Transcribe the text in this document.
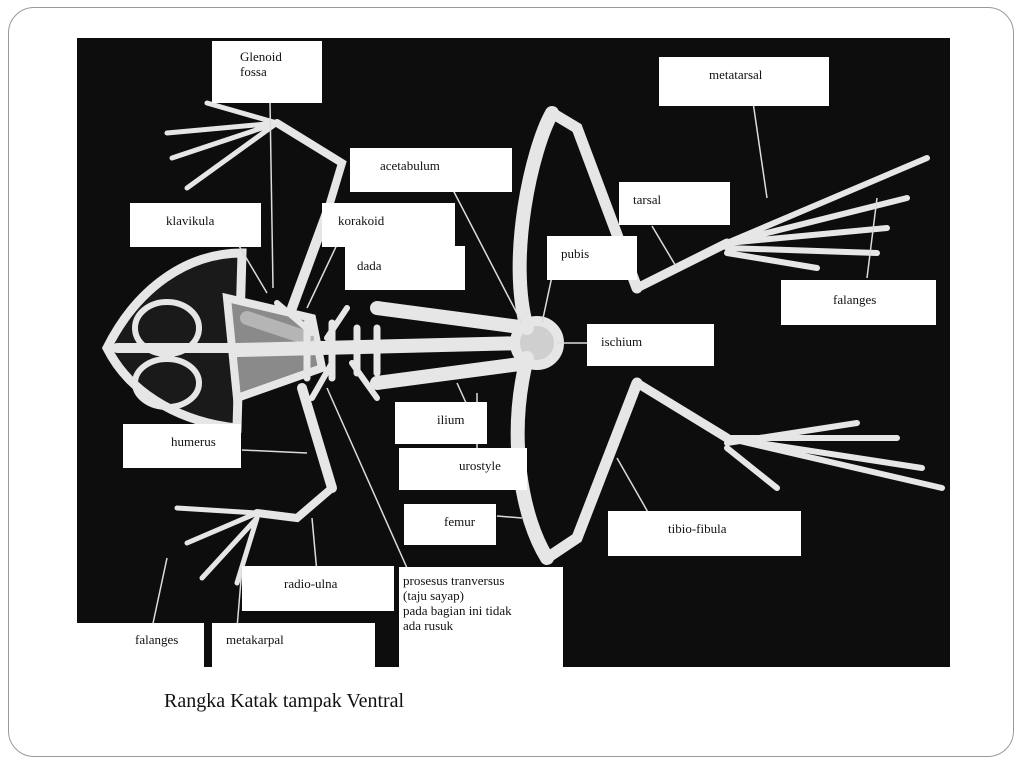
Glenoid
fossa	metatarsal
acetabulum
tarsal
klavikula	korakoid
dada
pubis
falanges
ischium
ilium
humerus
urostyle
femur	tibio-fibula
radio-ulna	prosesus tranversus
(taju sayap)
pada bagian ini tidak
ada rusuk
falanges	metakarpal
Rangka Katak tampak Ventral
